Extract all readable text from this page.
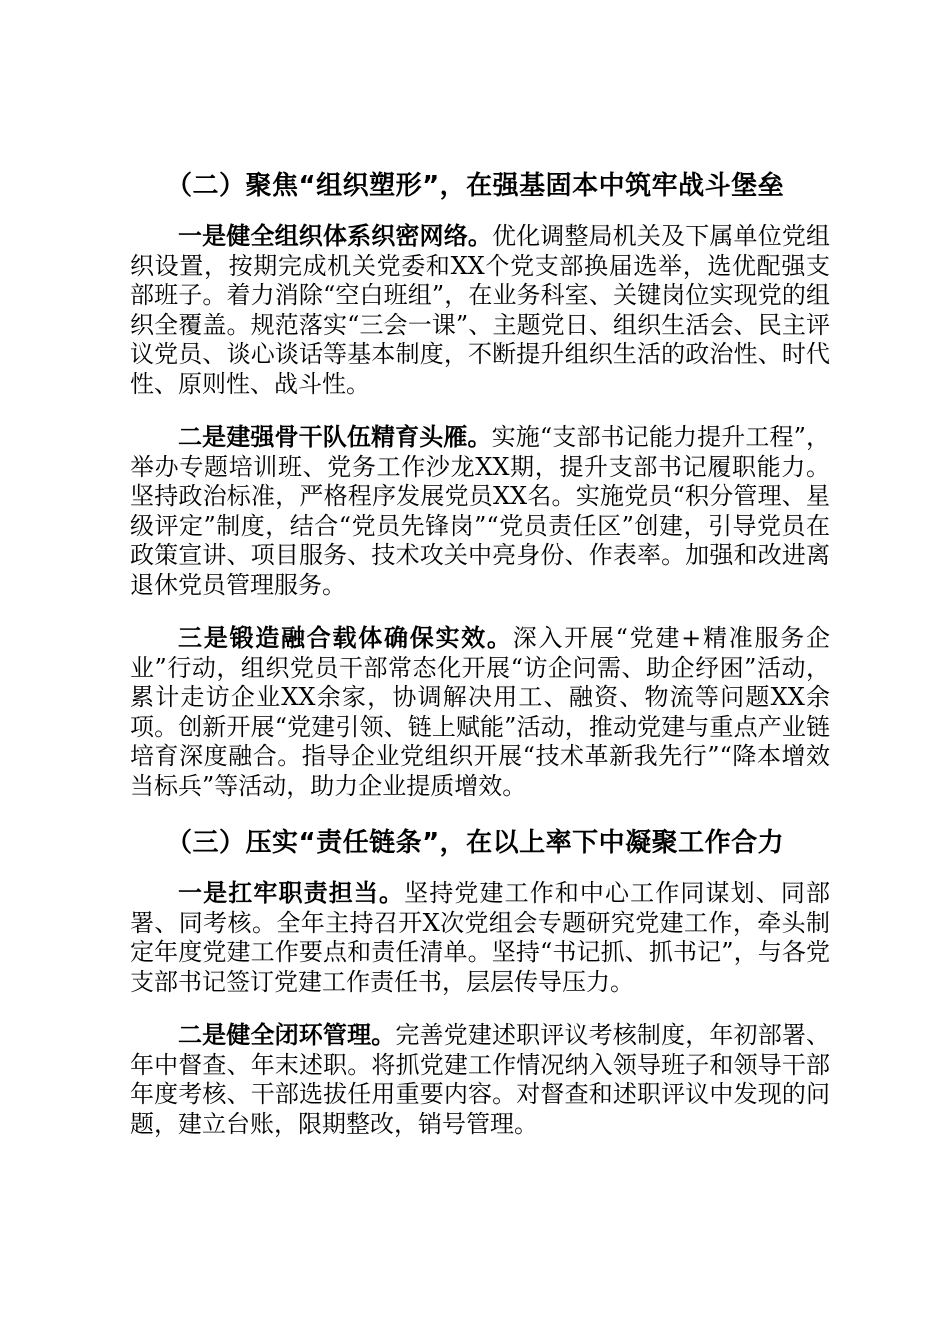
（二）聚焦“组织塑形”，在强基固本中筑牢战斗堡垒

一是健全组织体系织密网络。优化调整局机关及下属单位党组织设置，按期完成机关党委和XX个党支部换届选举，选优配强支部班子。着力消除“空白班组”，在业务科室、关键岗位实现党的组织全覆盖。规范落实“三会一课”、主题党日、组织生活会、民主评议党员、谈心谈话等基本制度，不断提升组织生活的政治性、时代性、原则性、战斗性。

二是建强骨干队伍精育头雁。实施“支部书记能力提升工程”，举办专题培训班、党务工作沙龙XX期，提升支部书记履职能力。坚持政治标准，严格程序发展党员XX名。实施党员“积分管理、星级评定”制度，结合“党员先锋岗”“党员责任区”创建，引导党员在政策宣讲、项目服务、技术攻关中亮身份、作表率。加强和改进离退休党员管理服务。

三是锻造融合载体确保实效。深入开展“党建+精准服务企业”行动，组织党员干部常态化开展“访企问需、助企纾困”活动，累计走访企业XX余家，协调解决用工、融资、物流等问题XX余项。创新开展“党建引领、链上赋能”活动，推动党建与重点产业链培育深度融合。指导企业党组织开展“技术革新我先行”“降本增效当标兵”等活动，助力企业提质增效。

（三）压实“责任链条”，在以上率下中凝聚工作合力

一是扛牢职责担当。坚持党建工作和中心工作同谋划、同部署、同考核。全年主持召开X次党组会专题研究党建工作，牵头制定年度党建工作要点和责任清单。坚持“书记抓、抓书记”，与各党支部书记签订党建工作责任书，层层传导压力。

二是健全闭环管理。完善党建述职评议考核制度，年初部署、年中督查、年末述职。将抓党建工作情况纳入领导班子和领导干部年度考核、干部选拔任用重要内容。对督查和述职评议中发现的问题，建立台账，限期整改，销号管理。
